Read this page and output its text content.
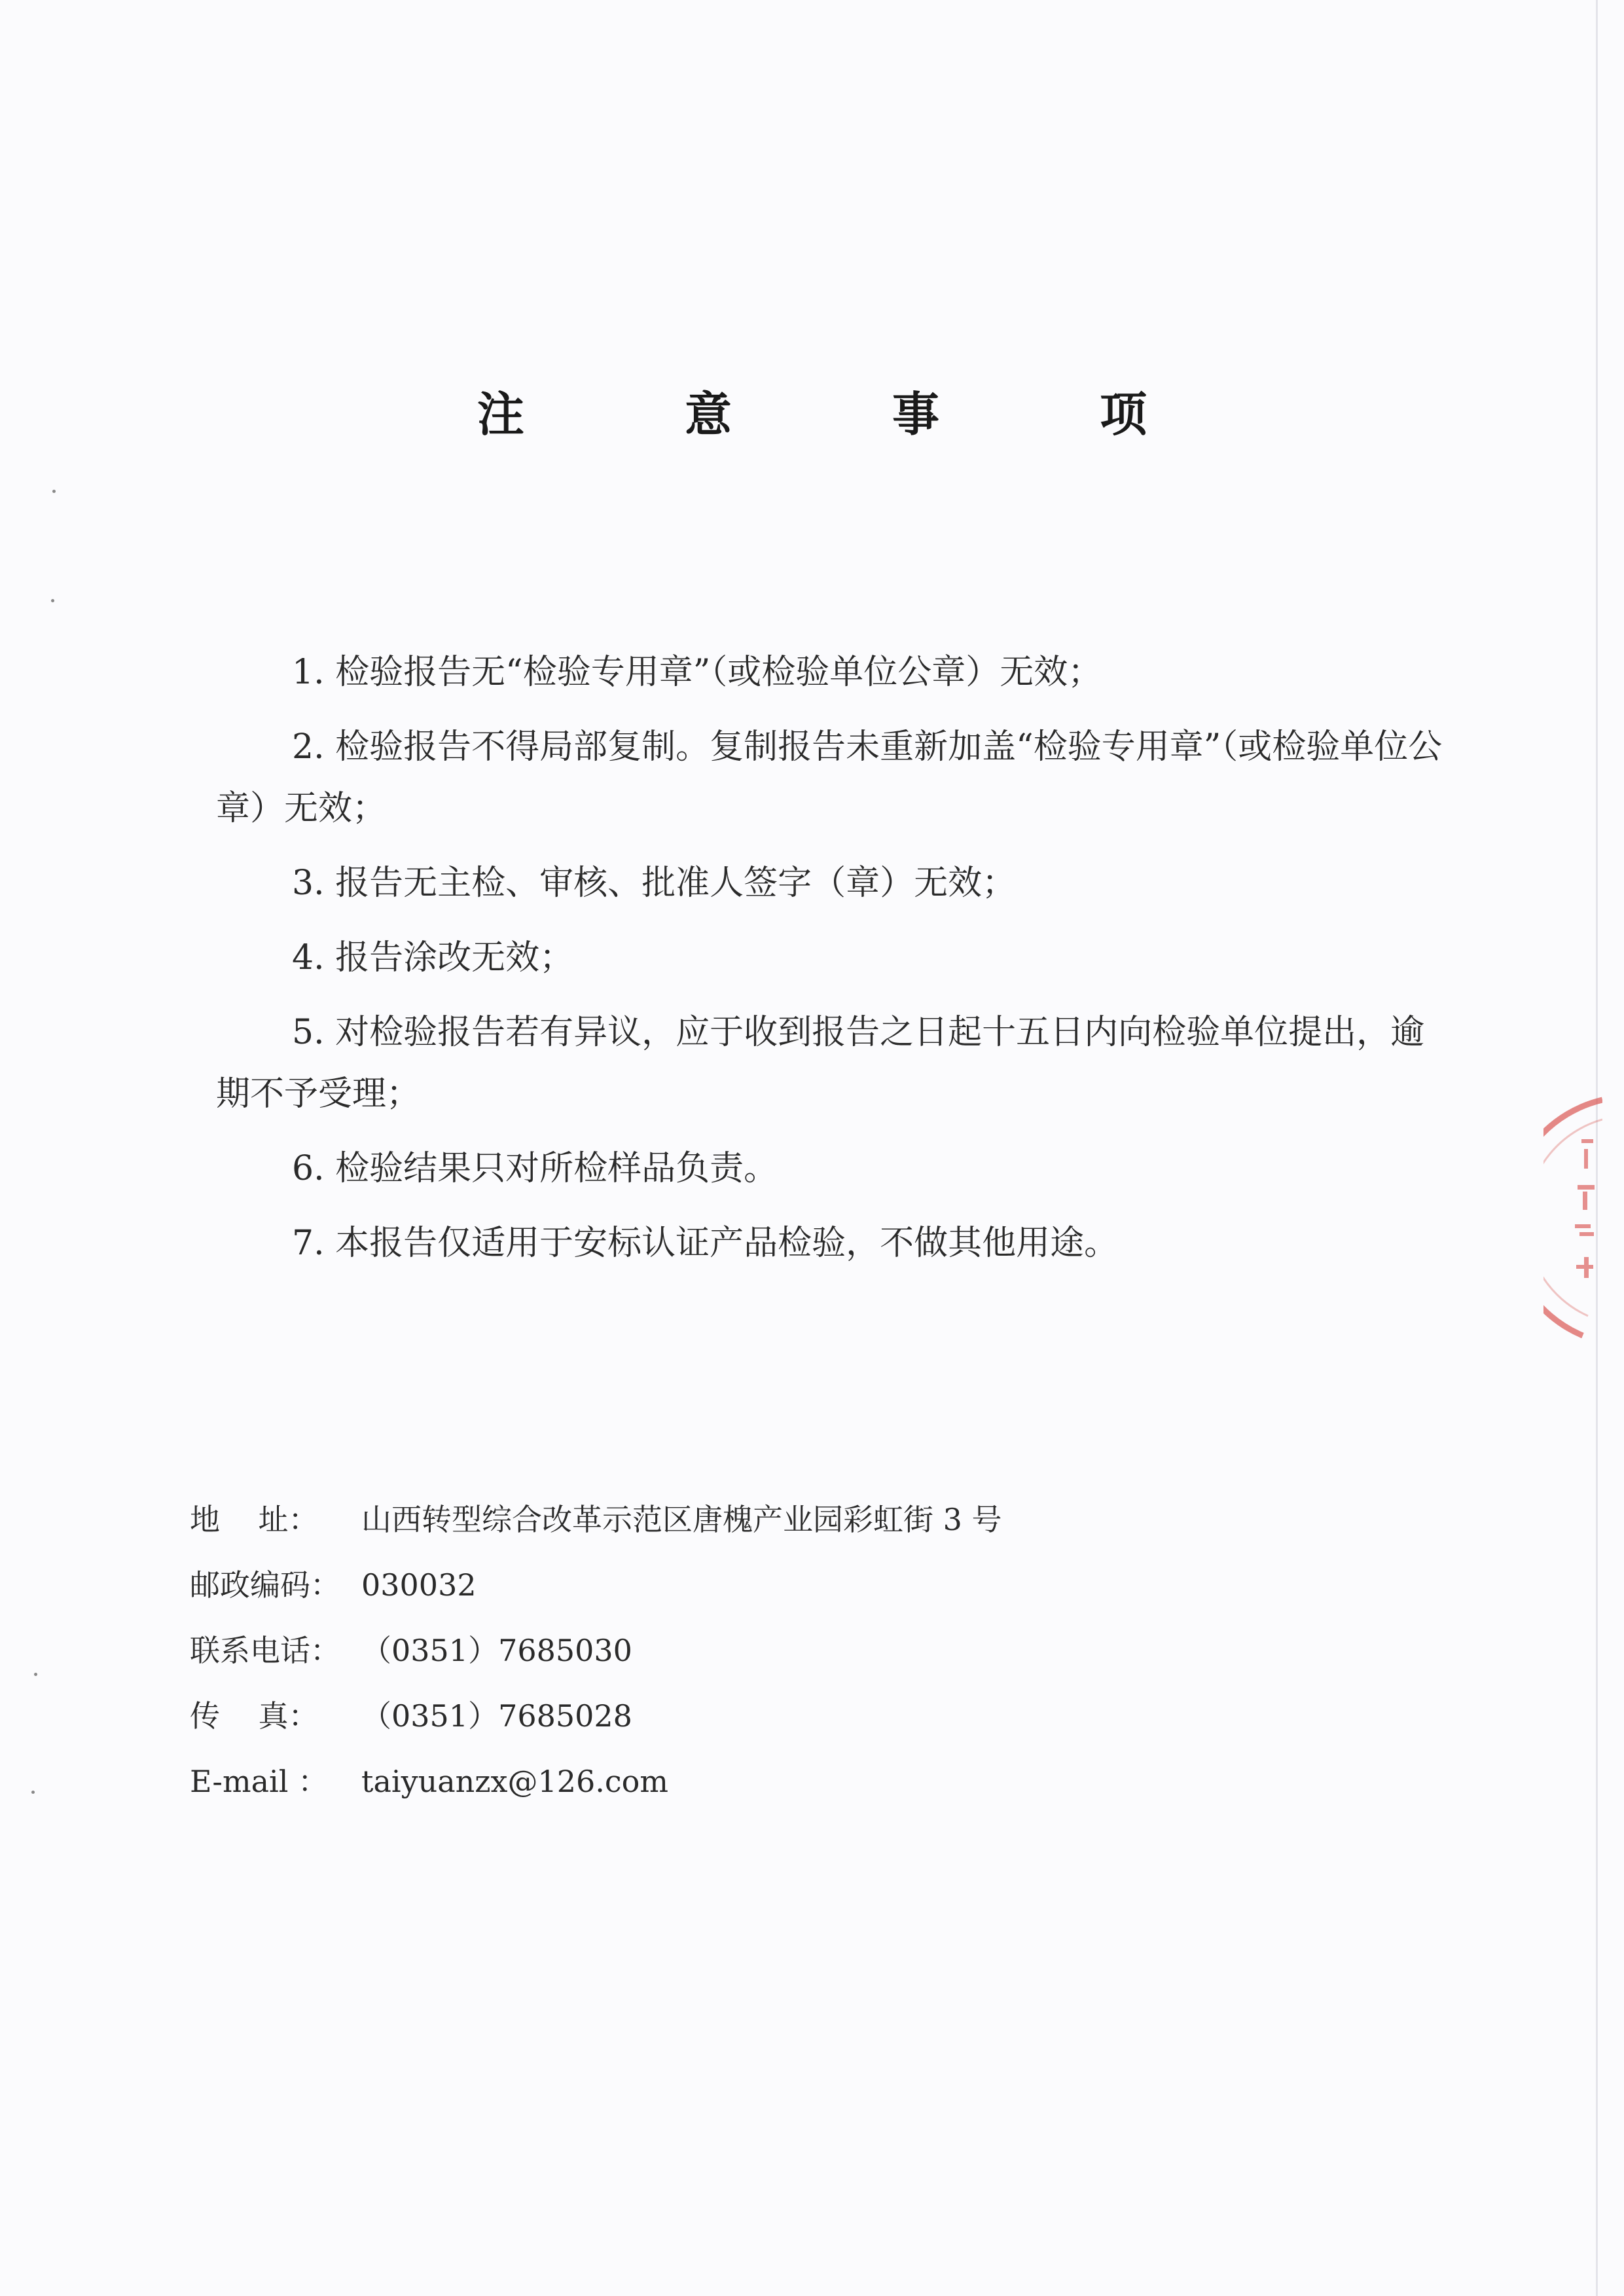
注 意 事 项

1. 检验报告无“检验专用章”（或检验单位公章）无效；

2. 检验报告不得局部复制。复制报告未重新加盖“检验专用章”（或检验单位公章）无效；

3. 报告无主检、审核、批准人签字（章）无效；

4. 报告涂改无效；

5. 对检验报告若有异议，应于收到报告之日起十五日内向检验单位提出，逾期不予受理；

6. 检验结果只对所检样品负责。

7. 本报告仅适用于安标认证产品检验，不做其他用途。

地    址：	山西转型综合改革示范区唐槐产业园彩虹街 3 号
邮政编码： 030032
联系电话： （0351）7685030
传    真：	（0351）7685028
E-mail ：	taiyuanzx@126.com
